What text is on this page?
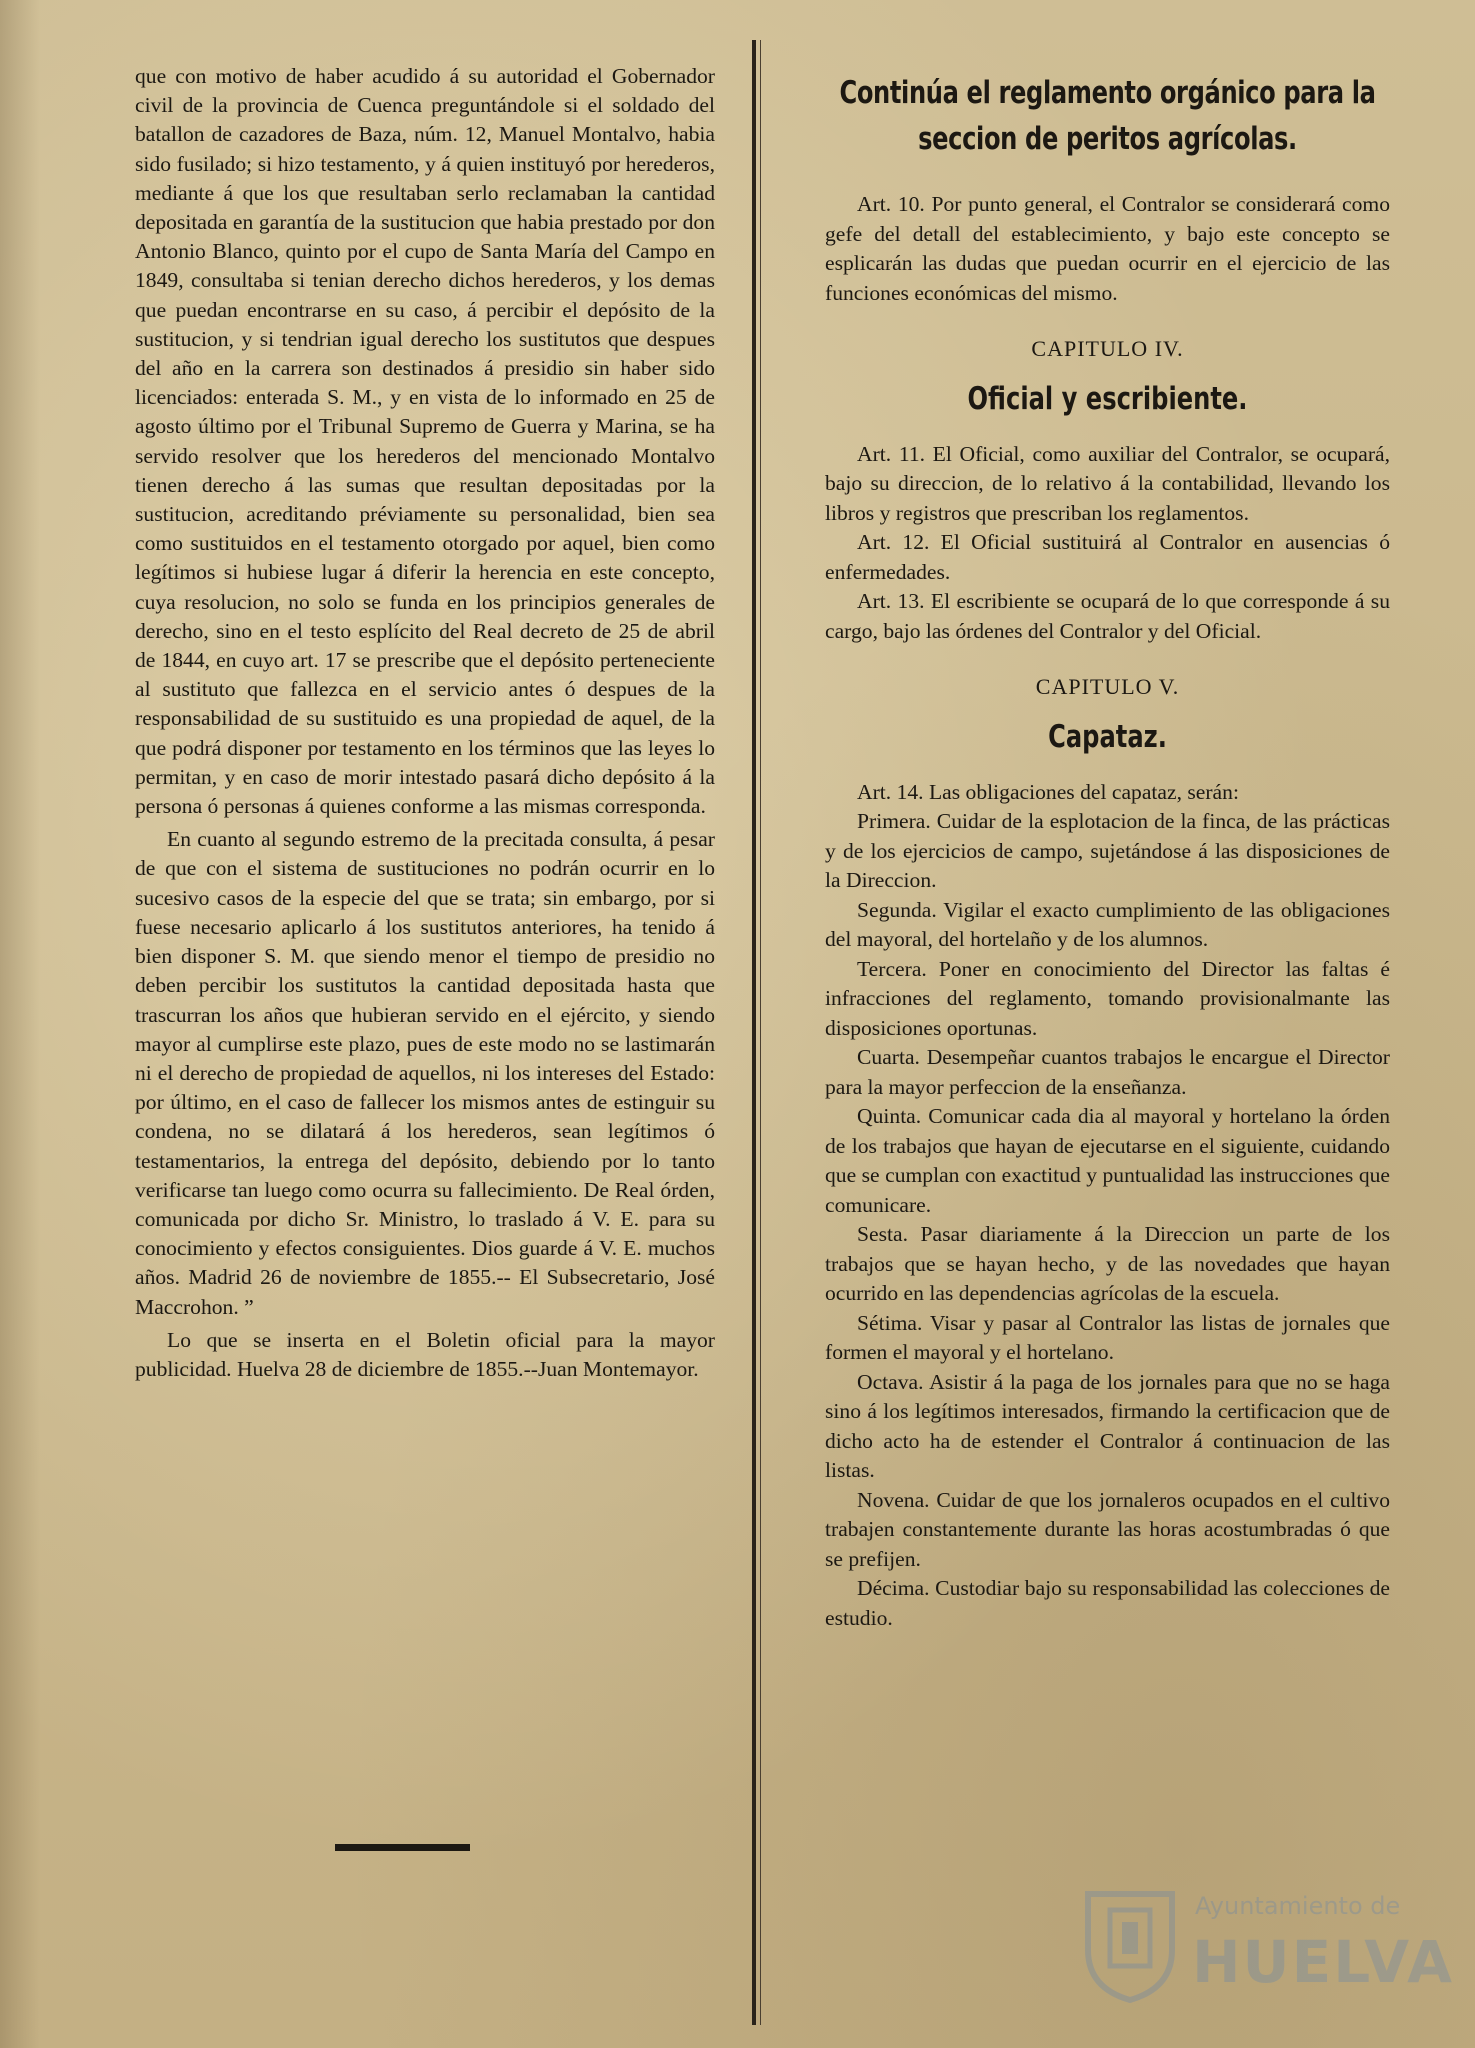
que con motivo de haber acudido á su autoridad el Gobernador civil de la provincia de Cuenca preguntándole si el soldado del batallon de cazadores de Baza, núm. 12, Manuel Montalvo, habia sido fusilado; si hizo testamento, y á quien instituyó por herederos, mediante á que los que resultaban serlo reclamaban la cantidad depositada en garantía de la sustitucion que habia prestado por don Antonio Blanco, quinto por el cupo de Santa María del Campo en 1849, consultaba si tenian derecho dichos herederos, y los demas que puedan encontrarse en su caso, á percibir el depósito de la sustitucion, y si tendrian igual derecho los sustitutos que despues del año en la carrera son destinados á presidio sin haber sido licenciados: enterada S. M., y en vista de lo informado en 25 de agosto último por el Tribunal Supremo de Guerra y Marina, se ha servido resolver que los herederos del mencionado Montalvo tienen derecho á las sumas que resultan depositadas por la sustitucion, acreditando préviamente su personalidad, bien sea como sustituidos en el testamento otorgado por aquel, bien como legítimos si hubiese lugar á diferir la herencia en este concepto, cuya resolucion, no solo se funda en los principios generales de derecho, sino en el testo esplícito del Real decreto de 25 de abril de 1844, en cuyo art. 17 se prescribe que el depósito perteneciente al sustituto que fallezca en el servicio antes ó despues de la responsabilidad de su sustituido es una propiedad de aquel, de la que podrá disponer por testamento en los términos que las leyes lo permitan, y en caso de morir intestado pasará dicho depósito á la persona ó personas á quienes conforme a las mismas corresponda.

En cuanto al segundo estremo de la precitada consulta, á pesar de que con el sistema de sustituciones no podrán ocurrir en lo sucesivo casos de la especie del que se trata; sin embargo, por si fuese necesario aplicarlo á los sustitutos anteriores, ha tenido á bien disponer S. M. que siendo menor el tiempo de presidio no deben percibir los sustitutos la cantidad depositada hasta que trascurran los años que hubieran servido en el ejército, y siendo mayor al cumplirse este plazo, pues de este modo no se lastimarán ni el derecho de propiedad de aquellos, ni los intereses del Estado: por último, en el caso de fallecer los mismos antes de estinguir su condena, no se dilatará á los herederos, sean legítimos ó testamentarios, la entrega del depósito, debiendo por lo tanto verificarse tan luego como ocurra su fallecimiento. De Real órden, comunicada por dicho Sr. Ministro, lo traslado á V. E. para su conocimiento y efectos consiguientes. Dios guarde á V. E. muchos años. Madrid 26 de noviembre de 1855.-- El Subsecretario, José Maccrohon. ”

Lo que se inserta en el Boletin oficial para la mayor publicidad. Huelva 28 de diciembre de 1855.--Juan Montemayor.

Continúa el reglamento orgánico para la seccion de peritos agrícolas.

Art. 10. Por punto general, el Contralor se considerará como gefe del detall del establecimiento, y bajo este concepto se esplicarán las dudas que puedan ocurrir en el ejercicio de las funciones económicas del mismo.

CAPITULO IV.
Oficial y escribiente.

Art. 11. El Oficial, como auxiliar del Contralor, se ocupará, bajo su direccion, de lo relativo á la contabilidad, llevando los libros y registros que prescriban los reglamentos.

Art. 12. El Oficial sustituirá al Contralor en ausencias ó enfermedades.

Art. 13. El escribiente se ocupará de lo que corresponde á su cargo, bajo las órdenes del Contralor y del Oficial.

CAPITULO V.
Capataz.

Art. 14. Las obligaciones del capataz, serán:

Primera. Cuidar de la esplotacion de la finca, de las prácticas y de los ejercicios de campo, sujetándose á las disposiciones de la Direccion.

Segunda. Vigilar el exacto cumplimiento de las obligaciones del mayoral, del hortelaño y de los alumnos.

Tercera. Poner en conocimiento del Director las faltas é infracciones del reglamento, tomando provisionalmante las disposiciones oportunas.

Cuarta. Desempeñar cuantos trabajos le encargue el Director para la mayor perfeccion de la enseñanza.

Quinta. Comunicar cada dia al mayoral y hortelano la órden de los trabajos que hayan de ejecutarse en el siguiente, cuidando que se cumplan con exactitud y puntualidad las instrucciones que comunicare.

Sesta. Pasar diariamente á la Direccion un parte de los trabajos que se hayan hecho, y de las novedades que hayan ocurrido en las dependencias agrícolas de la escuela.

Sétima. Visar y pasar al Contralor las listas de jornales que formen el mayoral y el hortelano.

Octava. Asistir á la paga de los jornales para que no se haga sino á los legítimos interesados, firmando la certificacion que de dicho acto ha de estender el Contralor á continuacion de las listas.

Novena. Cuidar de que los jornaleros ocupados en el cultivo trabajen constantemente durante las horas acostumbradas ó que se prefijen.

Décima. Custodiar bajo su responsabilidad las colecciones de estudio.

Ayuntamiento de
HUELVA
